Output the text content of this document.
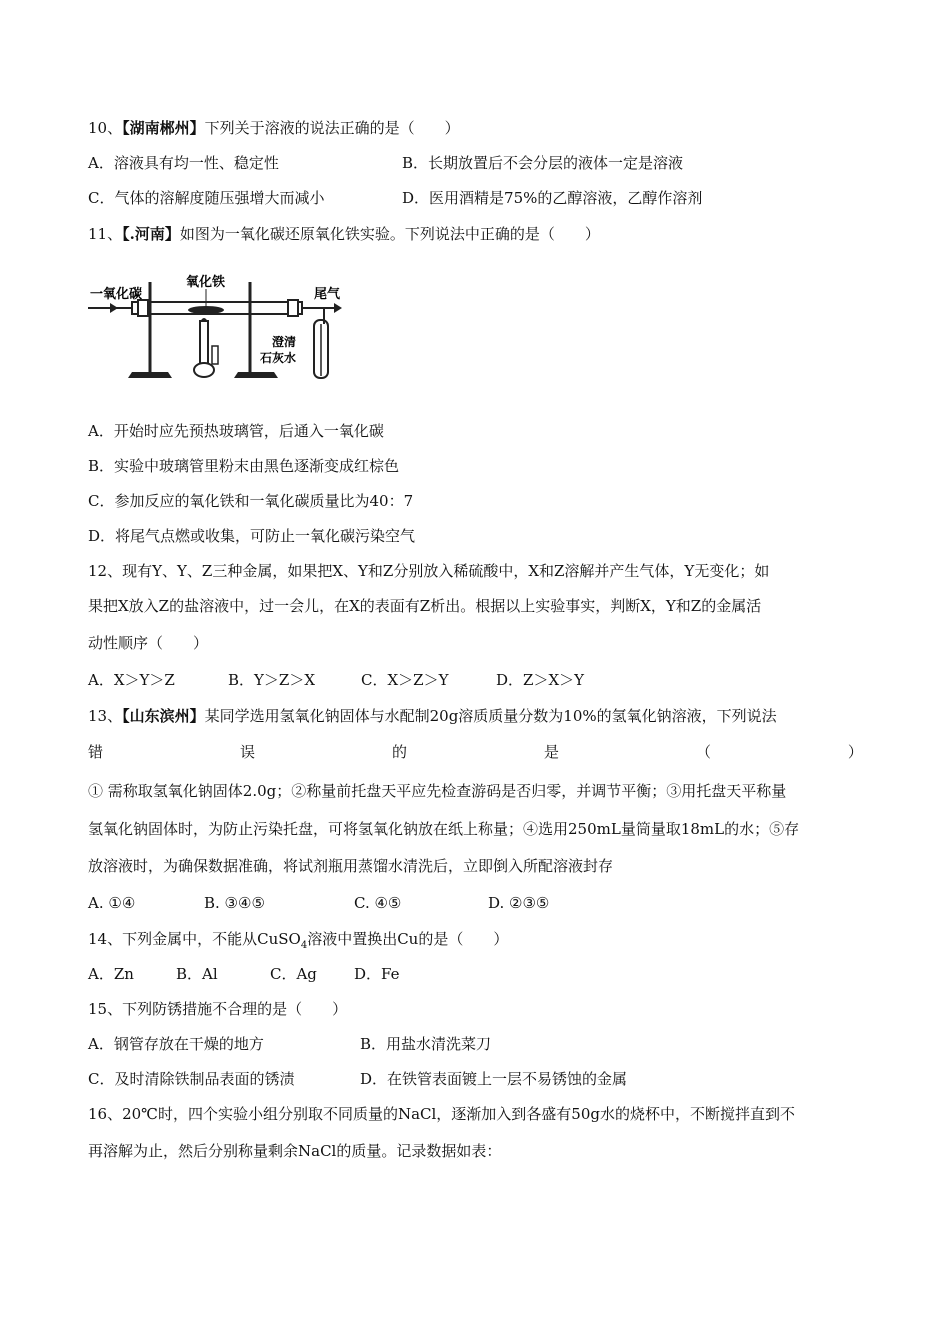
10、【湖南郴州】下列关于溶液的说法正确的是（　　）
A．溶液具有均一性、稳定性	B．长期放置后不会分层的液体一定是溶液
C．气体的溶解度随压强增大而减小	D．医用酒精是75%的乙醇溶液，乙醇作溶剂
11、【.河南】如图为一氧化碳还原氧化铁实验。下列说法中正确的是（　　）
一氧化碳
氧化铁
尾气
澄清
石灰水
A．开始时应先预热玻璃管，后通入一氧化碳
B．实验中玻璃管里粉末由黑色逐渐变成红棕色
C．参加反应的氧化铁和一氧化碳质量比为40：7
D．将尾气点燃或收集，可防止一氧化碳污染空气
12、现有Y、Y、Z三种金属，如果把X、Y和Z分别放入稀硫酸中，X和Z溶解并产生气体，Y无变化；如
果把X放入Z的盐溶液中，过一会儿，在X的表面有Z析出。根据以上实验事实，判断X，Y和Z的金属活
动性顺序（　　）
A．X＞Y＞Z	B．Y＞Z＞X	C．X＞Z＞Y	D．Z＞X＞Y
13、【山东滨州】某同学选用氢氧化钠固体与水配制20g溶质质量分数为10%的氢氧化钠溶液，下列说法
错	误	的	是	（	）
① 需称取氢氧化钠固体2.0g；②称量前托盘天平应先检查游码是否归零，并调节平衡；③用托盘天平称量
氢氧化钠固体时，为防止污染托盘，可将氢氧化钠放在纸上称量；④选用250mL量筒量取18mL的水；⑤存
放溶液时，为确保数据准确，将试剂瓶用蒸馏水清洗后，立即倒入所配溶液封存
A. ①④	B. ③④⑤	C. ④⑤	D. ②③⑤
14、下列金属中，不能从CuSO$_4$溶液中置换出Cu的是（　　）
A．Zn	B．Al	C．Ag D．Fe
15、下列防锈措施不合理的是（　　）
A．钢管存放在干燥的地方	B．用盐水清洗菜刀
C．及时清除铁制品表面的锈渍	D．在铁管表面镀上一层不易锈蚀的金属
16、20℃时，四个实验小组分别取不同质量的NaCl，逐渐加入到各盛有50g水的烧杯中，不断搅拌直到不
再溶解为止，然后分别称量剩余NaCl的质量。记录数据如表：
